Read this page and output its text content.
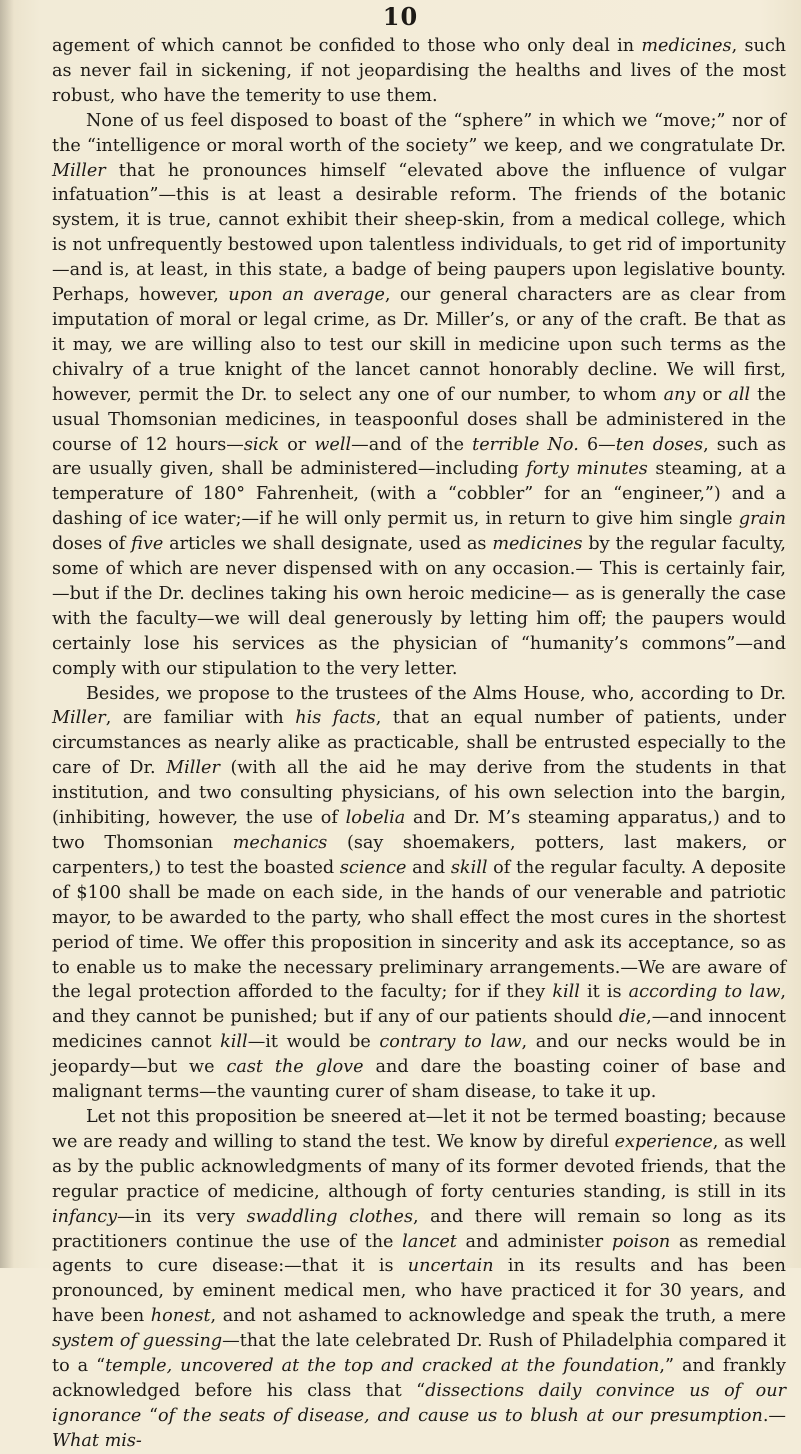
10

agement of which cannot be confided to those who only deal in medicines, such as never fail in sickening, if not jeopardising the healths and lives of the most robust, who have the temerity to use them.

None of us feel disposed to boast of the “sphere” in which we “move;” nor of the “intelligence or moral worth of the society” we keep, and we congratulate Dr. Miller that he pronounces himself “elevated above the influence of vulgar infatuation”—this is at least a desirable reform. The friends of the botanic system, it is true, cannot exhibit their sheep-skin, from a medical college, which is not unfrequently bestowed upon talentless individuals, to get rid of importunity—and is, at least, in this state, a badge of being paupers upon legislative bounty. Perhaps, however, upon an average, our general characters are as clear from imputation of moral or legal crime, as Dr. Miller’s, or any of the craft. Be that as it may, we are willing also to test our skill in medicine upon such terms as the chivalry of a true knight of the lancet cannot honorably decline. We will first, however, permit the Dr. to select any one of our number, to whom any or all the usual Thomsonian medicines, in teaspoonful doses shall be administered in the course of 12 hours—sick or well—and of the terrible No. 6—ten doses, such as are usually given, shall be administered—including forty minutes steaming, at a temperature of 180° Fahrenheit, (with a “cobbler” for an “engineer,”) and a dashing of ice water;—if he will only permit us, in return to give him single grain doses of five articles we shall designate, used as medicines by the regular faculty, some of which are never dispensed with on any occasion.— This is certainly fair,—but if the Dr. declines taking his own heroic medicine— as is generally the case with the faculty—we will deal generously by letting him off; the paupers would certainly lose his services as the physician of “humanity’s commons”—and comply with our stipulation to the very letter.

Besides, we propose to the trustees of the Alms House, who, according to Dr. Miller, are familiar with his facts, that an equal number of patients, under circumstances as nearly alike as practicable, shall be entrusted especially to the care of Dr. Miller (with all the aid he may derive from the students in that institution, and two consulting physicians, of his own selection into the bargin, (inhibiting, however, the use of lobelia and Dr. M’s steaming apparatus,) and to two Thomsonian mechanics (say shoemakers, potters, last makers, or carpenters,) to test the boasted science and skill of the regular faculty. A deposite of $100 shall be made on each side, in the hands of our venerable and patriotic mayor, to be awarded to the party, who shall effect the most cures in the shortest period of time. We offer this proposition in sincerity and ask its acceptance, so as to enable us to make the necessary preliminary arrangements.—We are aware of the legal protection afforded to the faculty; for if they kill it is according to law, and they cannot be punished; but if any of our patients should die,—and innocent medicines cannot kill—it would be contrary to law, and our necks would be in jeopardy—but we cast the glove and dare the boasting coiner of base and malignant terms—the vaunting curer of sham disease, to take it up.

Let not this proposition be sneered at—let it not be termed boasting; because we are ready and willing to stand the test. We know by direful experience, as well as by the public acknowledgments of many of its former devoted friends, that the regular practice of medicine, although of forty centuries standing, is still in its infancy—in its very swaddling clothes, and there will remain so long as its practitioners continue the use of the lancet and administer poison as remedial agents to cure disease:—that it is uncertain in its results and has been pronounced, by eminent medical men, who have practiced it for 30 years, and have been honest, and not ashamed to acknowledge and speak the truth, a mere system of guessing—that the late celebrated Dr. Rush of Philadelphia compared it to a “temple, uncovered at the top and cracked at the foundation,” and frankly acknowledged before his class that “dissections daily convince us of our ignorance “of the seats of disease, and cause us to blush at our presumption.—What mis-
